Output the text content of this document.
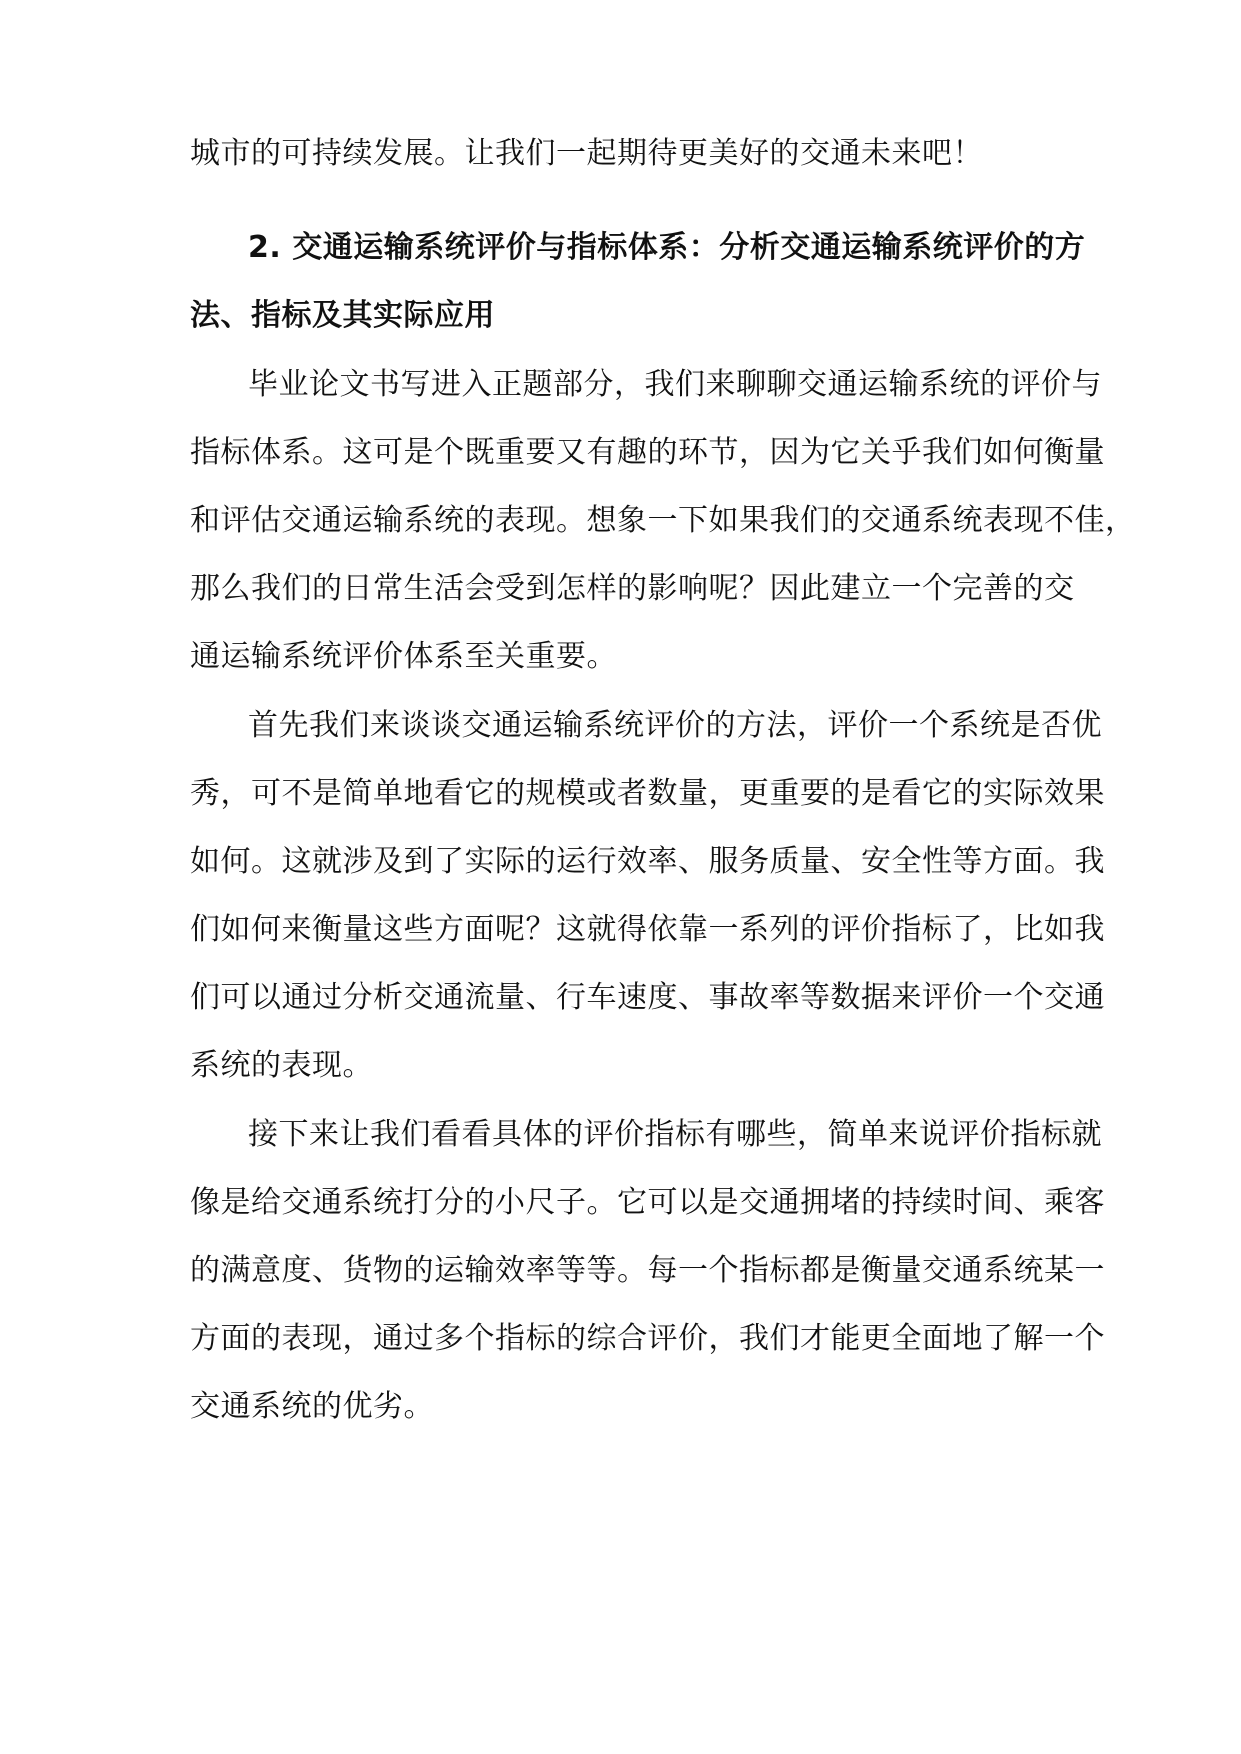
城市的可持续发展。让我们一起期待更美好的交通未来吧！
2. 交通运输系统评价与指标体系：分析交通运输系统评价的方
法、指标及其实际应用
毕业论文书写进入正题部分，我们来聊聊交通运输系统的评价与
指标体系。这可是个既重要又有趣的环节，因为它关乎我们如何衡量
和评估交通运输系统的表现。想象一下如果我们的交通系统表现不佳，
那么我们的日常生活会受到怎样的影响呢？因此建立一个完善的交
通运输系统评价体系至关重要。
首先我们来谈谈交通运输系统评价的方法，评价一个系统是否优
秀，可不是简单地看它的规模或者数量，更重要的是看它的实际效果
如何。这就涉及到了实际的运行效率、服务质量、安全性等方面。我
们如何来衡量这些方面呢？这就得依靠一系列的评价指标了，比如我
们可以通过分析交通流量、行车速度、事故率等数据来评价一个交通
系统的表现。
接下来让我们看看具体的评价指标有哪些，简单来说评价指标就
像是给交通系统打分的小尺子。它可以是交通拥堵的持续时间、乘客
的满意度、货物的运输效率等等。每一个指标都是衡量交通系统某一
方面的表现，通过多个指标的综合评价，我们才能更全面地了解一个
交通系统的优劣。
